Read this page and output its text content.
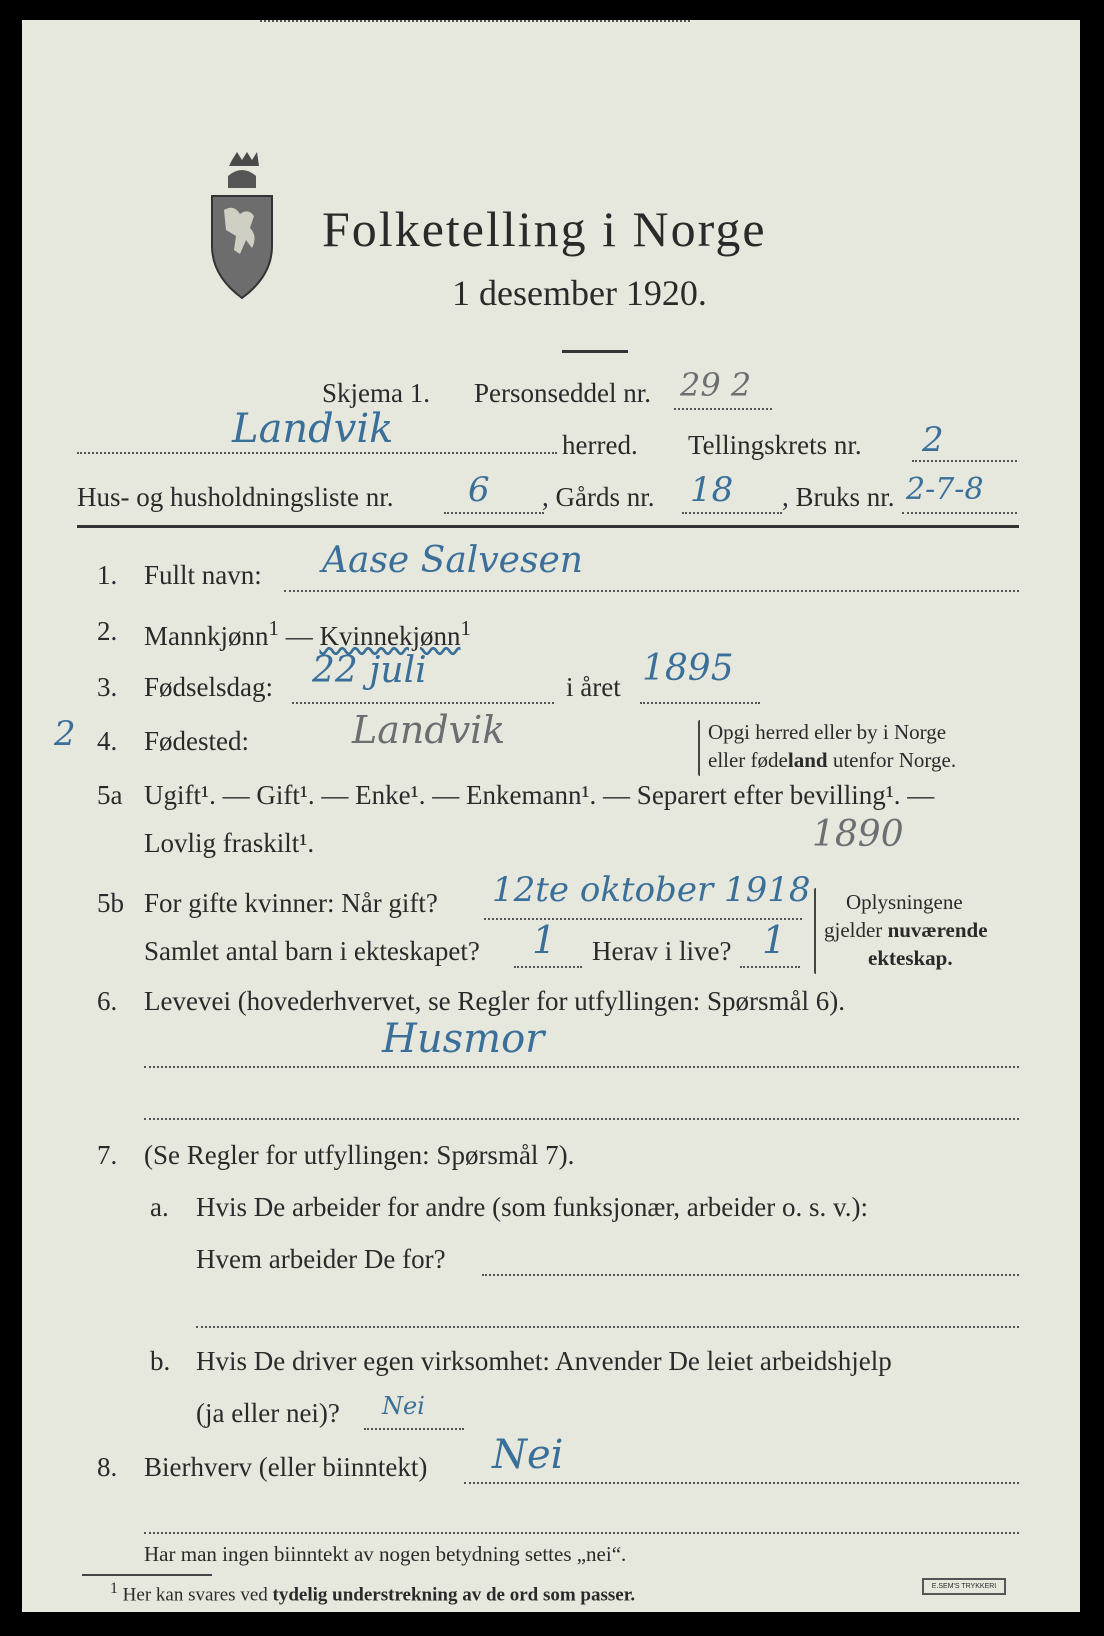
Folketelling i Norge
1 desember 1920.
Skjema 1. Personseddel nr. 29 2
Landvik	herred. Tellingskrets nr. 2
Hus- og husholdningsliste nr. 6 , Gårds nr. 18 , Bruks nr. 2-7-8
1. Fullt navn: Aase Salvesen
2. Mannkjønn$^1$ — Kvinnekjønn$^1$
3. Fødselsdag: 22 juli	i året 1895
2 4. Fødested:	Landvik	Opgi herred eller by i Norge
eller fødeland utenfor Norge.
5a Ugift¹. — Gift¹. — Enke¹. — Enkemann¹. — Separert efter bevilling¹. —
Lovlig fraskilt¹.	1890
5b For gifte kvinner: Når gift? 12te oktober 1918
Samlet antal barn i ekteskapet? 1 Herav i live? 1
Oplysningene
gjelder nuværende
ekteskap.
6. Levevei (hovederhvervet, se Regler for utfyllingen: Spørsmål 6).
Husmor
7. (Se Regler for utfyllingen: Spørsmål 7).
a. Hvis De arbeider for andre (som funksjonær, arbeider o. s. v.):
Hvem arbeider De for?
b. Hvis De driver egen virksomhet: Anvender De leiet arbeidshjelp
(ja eller nei)? Nei
8. Bierhverv (eller biinntekt) Nei
Har man ingen biinntekt av nogen betydning settes „nei“.
$^1$ Her kan svares ved tydelig understrekning av de ord som passer.	E.SEM'S TRYKKERI
